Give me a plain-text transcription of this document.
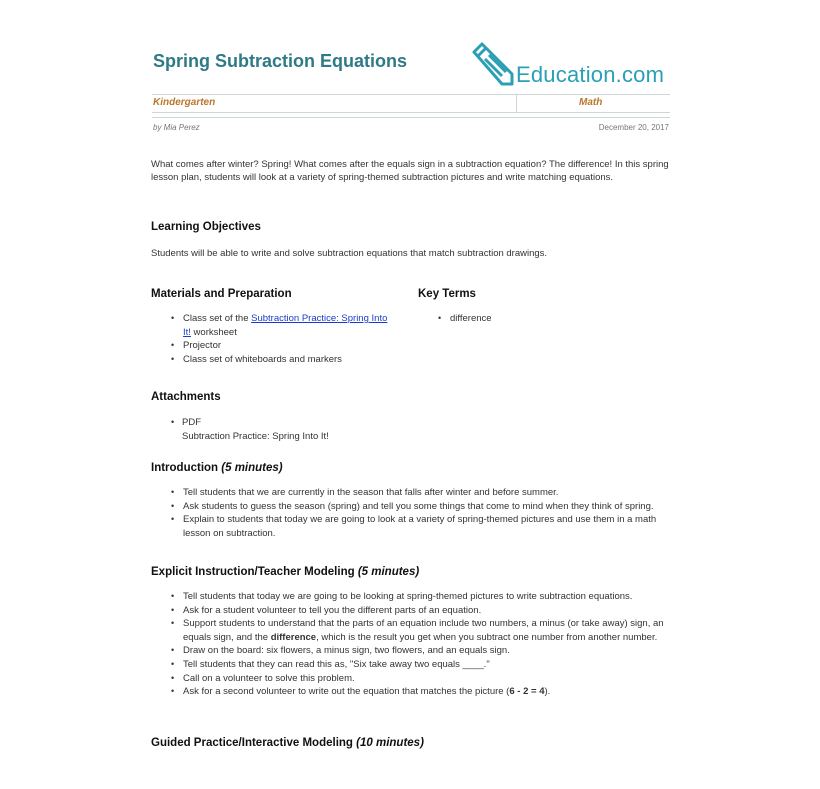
Spring Subtraction Equations
Education.com
Kindergarten	Math
by Mia Perez	December 20, 2017
What comes after winter? Spring! What comes after the equals sign in a subtraction equation? The difference! In this spring lesson plan, students will look at a variety of spring-themed subtraction pictures and write matching equations.
Learning Objectives
Students will be able to write and solve subtraction equations that match subtraction drawings.
Materials and Preparation
• Class set of the Subtraction Practice: Spring Into It! worksheet
• Projector
• Class set of whiteboards and markers
Key Terms
• difference
Attachments
• PDF
Subtraction Practice: Spring Into It!
Introduction (5 minutes)
• Tell students that we are currently in the season that falls after winter and before summer.
• Ask students to guess the season (spring) and tell you some things that come to mind when they think of spring.
• Explain to students that today we are going to look at a variety of spring-themed pictures and use them in a math lesson on subtraction.
Explicit Instruction/Teacher Modeling (5 minutes)
• Tell students that today we are going to be looking at spring-themed pictures to write subtraction equations.
• Ask for a student volunteer to tell you the different parts of an equation.
• Support students to understand that the parts of an equation include two numbers, a minus (or take away) sign, an equals sign, and the difference, which is the result you get when you subtract one number from another number.
• Draw on the board: six flowers, a minus sign, two flowers, and an equals sign.
• Tell students that they can read this as, "Six take away two equals ____."
• Call on a volunteer to solve this problem.
• Ask for a second volunteer to write out the equation that matches the picture (6 - 2 = 4).
Guided Practice/Interactive Modeling (10 minutes)
